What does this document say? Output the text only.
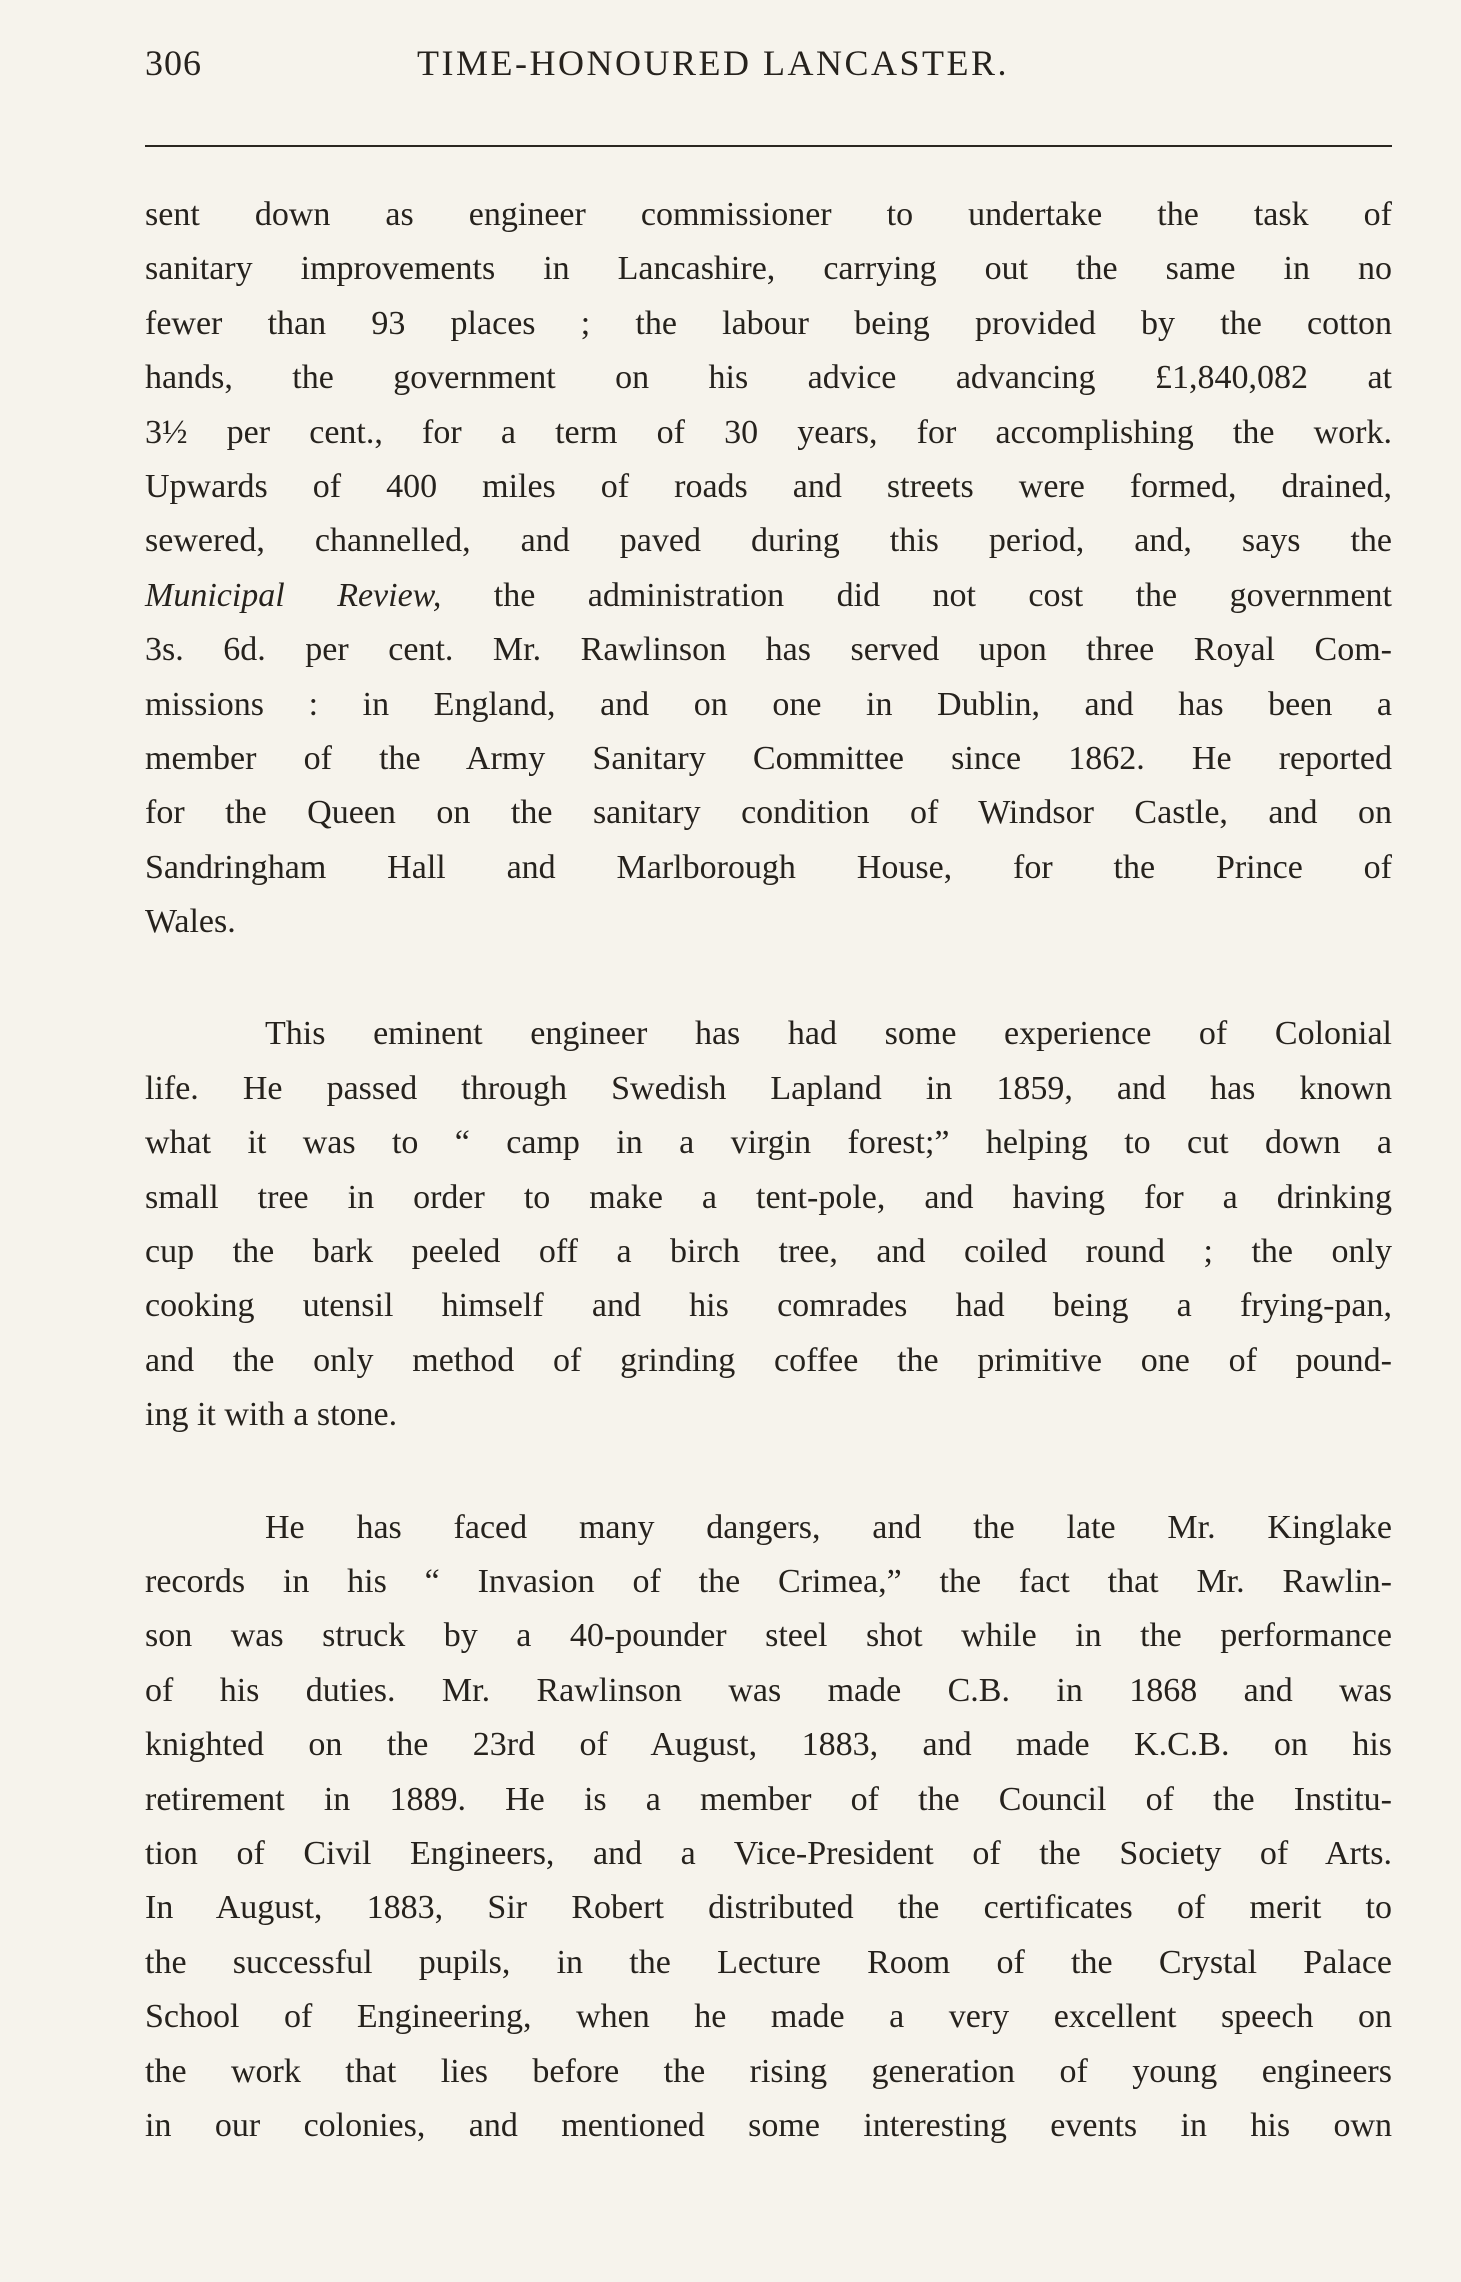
306	TIME-HONOURED LANCASTER.
sent down as engineer commissioner to undertake the task of
sanitary improvements in Lancashire, carrying out the same in no
fewer than 93 places ; the labour being provided by the cotton
hands, the government on his advice advancing £1,840,082 at
3½ per cent., for a term of 30 years, for accomplishing the work.
Upwards of 400 miles of roads and streets were formed, drained,
sewered, channelled, and paved during this period, and, says the
Municipal Review, the administration did not cost the government
3s. 6d. per cent. Mr. Rawlinson has served upon three Royal Com-
missions : in England, and on one in Dublin, and has been a
member of the Army Sanitary Committee since 1862. He reported
for the Queen on the sanitary condition of Windsor Castle, and on
Sandringham Hall and Marlborough House, for the Prince of
Wales.
This eminent engineer has had some experience of Colonial
life. He passed through Swedish Lapland in 1859, and has known
what it was to “ camp in a virgin forest;” helping to cut down a
small tree in order to make a tent-pole, and having for a drinking
cup the bark peeled off a birch tree, and coiled round ; the only
cooking utensil himself and his comrades had being a frying-pan,
and the only method of grinding coffee the primitive one of pound-
ing it with a stone.
He has faced many dangers, and the late Mr. Kinglake
records in his “ Invasion of the Crimea,” the fact that Mr. Rawlin-
son was struck by a 40-pounder steel shot while in the performance
of his duties. Mr. Rawlinson was made C.B. in 1868 and was
knighted on the 23rd of August, 1883, and made K.C.B. on his
retirement in 1889. He is a member of the Council of the Institu-
tion of Civil Engineers, and a Vice-President of the Society of Arts.
In August, 1883, Sir Robert distributed the certificates of merit to
the successful pupils, in the Lecture Room of the Crystal Palace
School of Engineering, when he made a very excellent speech on
the work that lies before the rising generation of young engineers
in our colonies, and mentioned some interesting events in his own
